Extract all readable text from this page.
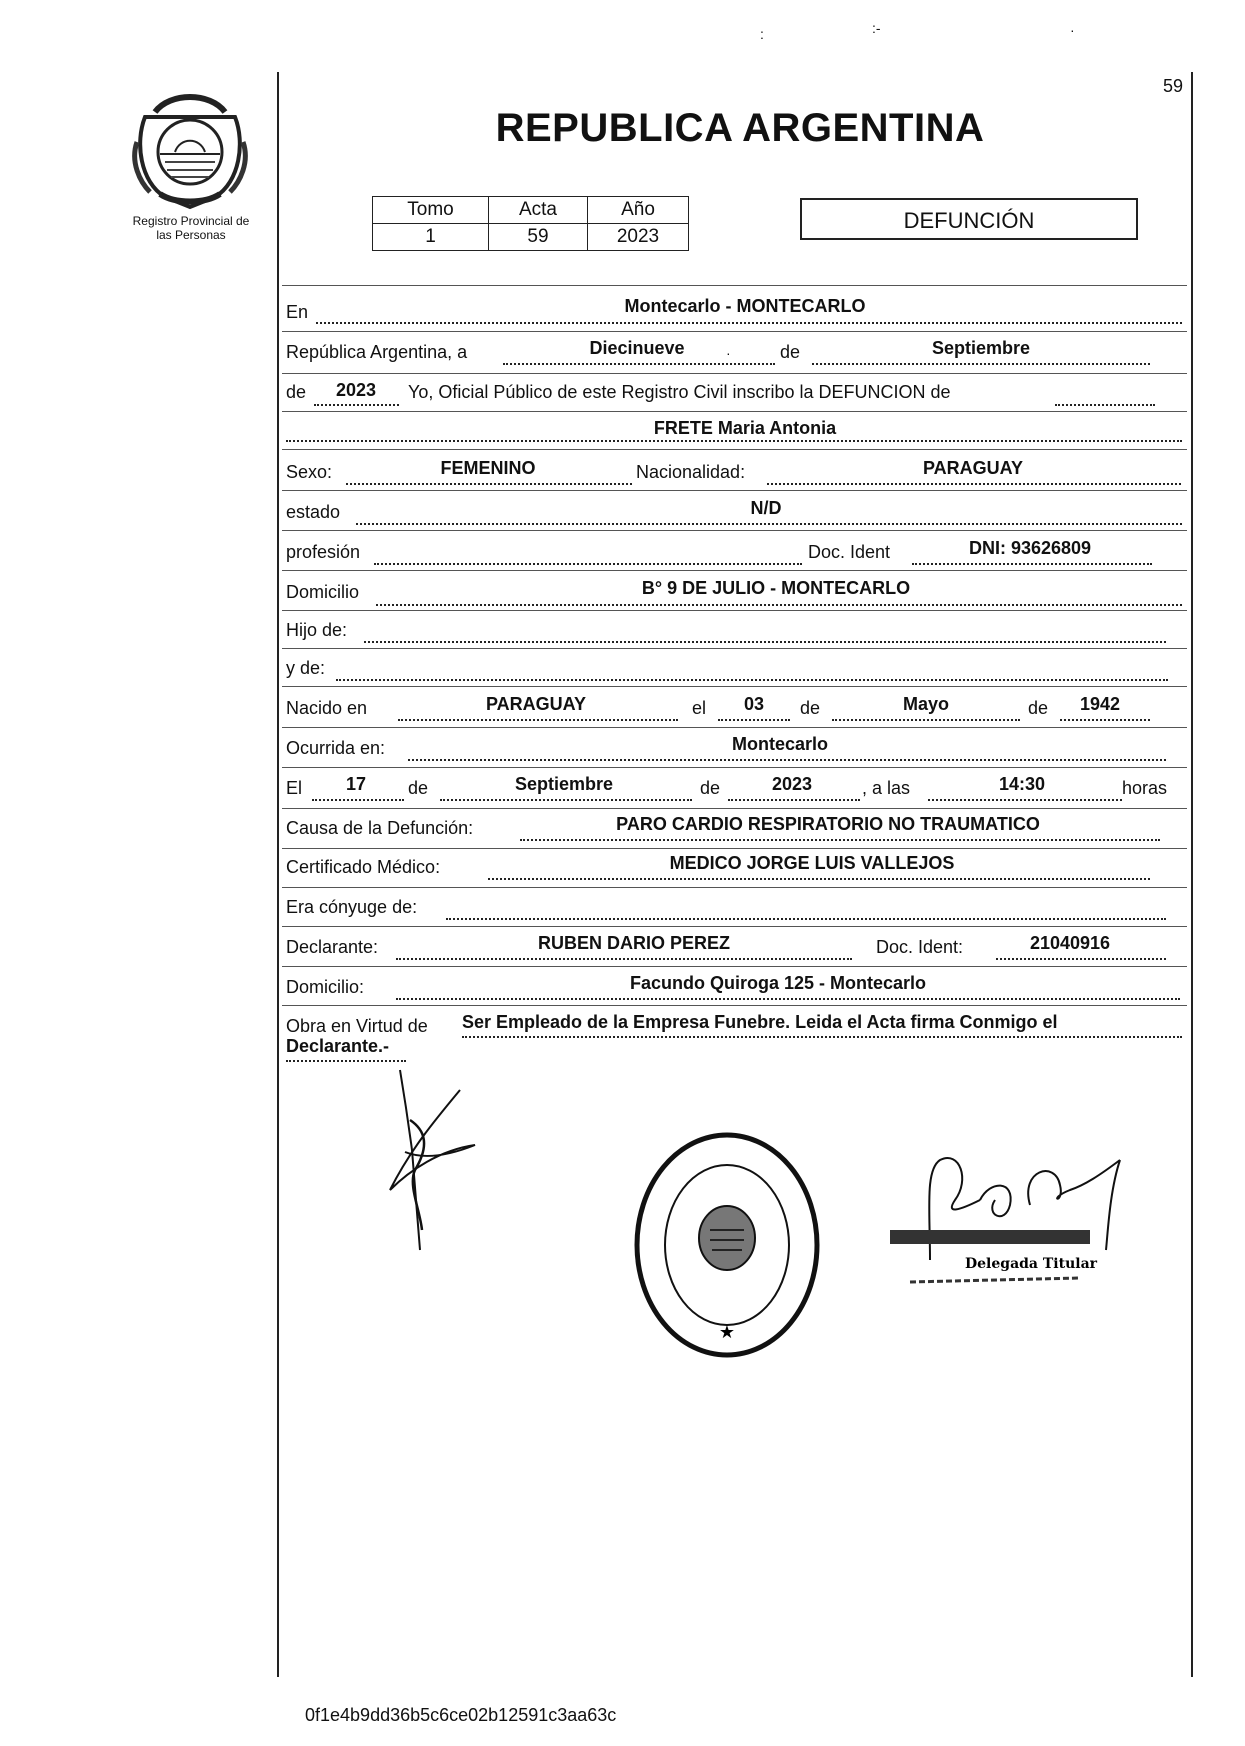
:	:-	·
59
Registro Provincial de
las Personas
REPUBLICA ARGENTINA
Tomo	Acta	Año
1	59	2023
DEFUNCIÓN
En	Montecarlo - MONTECARLO
República Argentina, a	Diecinueve	·	de	Septiembre
de 2023 Yo, Oficial Público de este Registro Civil inscribo la DEFUNCION de
FRETE Maria Antonia
Sexo:	FEMENINO	Nacionalidad:	PARAGUAY
estado	N/D
profesión	Doc. Ident	DNI: 93626809
Domicilio	B° 9 DE JULIO - MONTECARLO
Hijo de:
y de:
Nacido en	PARAGUAY	el 03 de	Mayo	de 1942
Ocurrida en:	Montecarlo
El 17 de	Septiembre	de	2023	, a las	14:30	horas
Causa de la Defunción:	PARO CARDIO RESPIRATORIO NO TRAUMATICO
Certificado Médico:	MEDICO JORGE LUIS VALLEJOS
Era cónyuge de:
Declarante:	RUBEN DARIO PEREZ	Doc. Ident:	21040916
Domicilio:	Facundo Quiroga 125 - Montecarlo
Obra en Virtud de Ser Empleado de la Empresa Funebre. Leida el Acta firma Conmigo el
Declarante.-
★
Delegada Titular
0f1e4b9dd36b5c6ce02b12591c3aa63c
